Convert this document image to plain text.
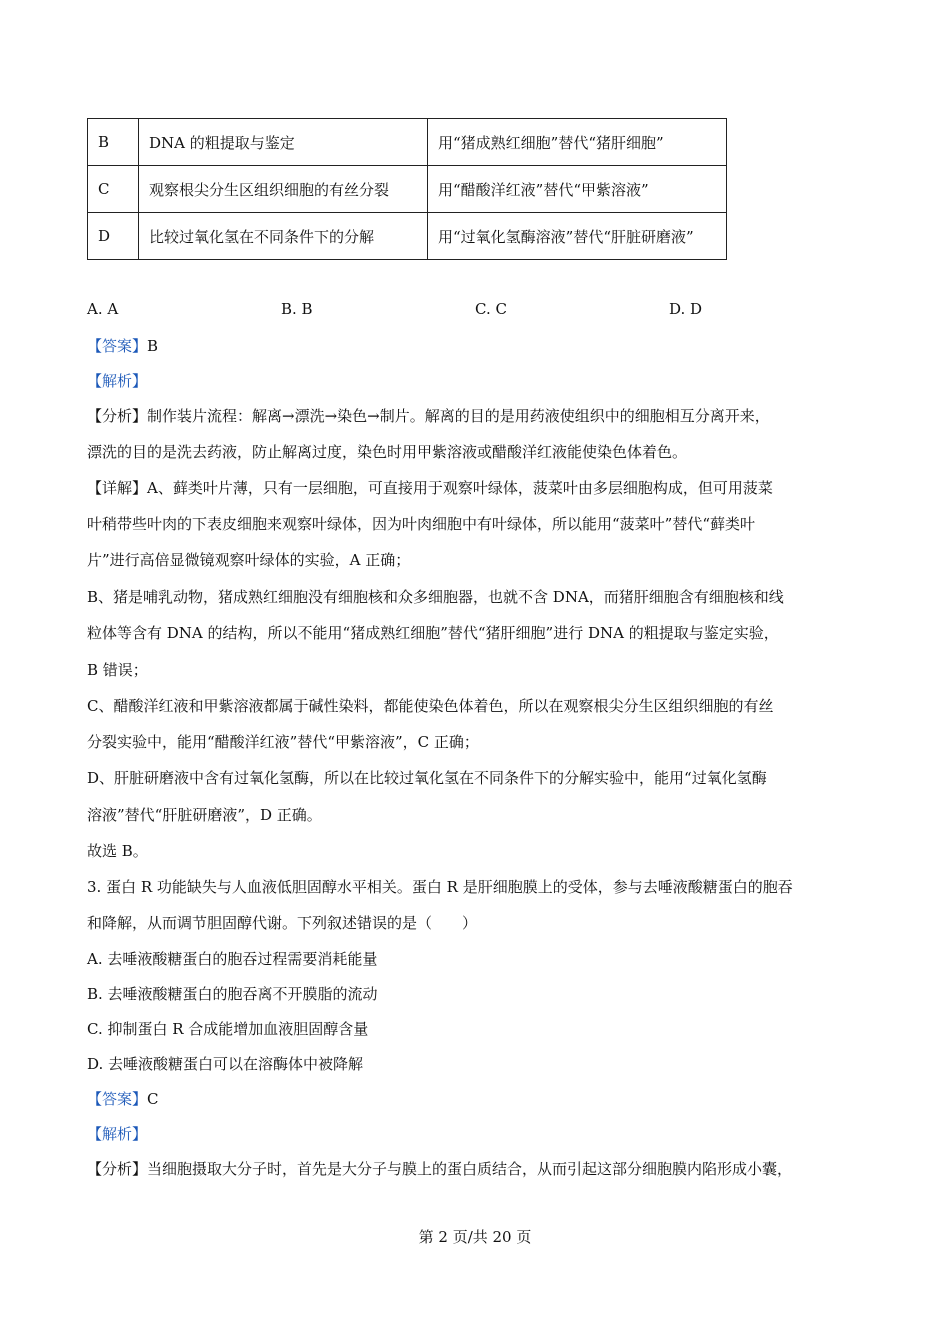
B	DNA 的粗提取与鉴定	用“猪成熟红细胞”替代“猪肝细胞”
C	观察根尖分生区组织细胞的有丝分裂	用“醋酸洋红液”替代“甲紫溶液”
D	比较过氧化氢在不同条件下的分解	用“过氧化氢酶溶液”替代“肝脏研磨液”
A. A	B. B	C. C	D. D
【答案】B
【解析】
【分析】制作装片流程：解离→漂洗→染色→制片。解离的目的是用药液使组织中的细胞相互分离开来，
漂洗的目的是洗去药液，防止解离过度，染色时用甲紫溶液或醋酸洋红液能使染色体着色。
【详解】A、藓类叶片薄，只有一层细胞，可直接用于观察叶绿体，菠菜叶由多层细胞构成，但可用菠菜
叶稍带些叶肉的下表皮细胞来观察叶绿体，因为叶肉细胞中有叶绿体，所以能用“菠菜叶”替代“藓类叶
片”进行高倍显微镜观察叶绿体的实验，A 正确；
B、猪是哺乳动物，猪成熟红细胞没有细胞核和众多细胞器，也就不含 DNA，而猪肝细胞含有细胞核和线
粒体等含有 DNA 的结构，所以不能用“猪成熟红细胞”替代“猪肝细胞”进行 DNA 的粗提取与鉴定实验，
B 错误；
C、醋酸洋红液和甲紫溶液都属于碱性染料，都能使染色体着色，所以在观察根尖分生区组织细胞的有丝
分裂实验中，能用“醋酸洋红液”替代“甲紫溶液”，C 正确；
D、肝脏研磨液中含有过氧化氢酶，所以在比较过氧化氢在不同条件下的分解实验中，能用“过氧化氢酶
溶液”替代“肝脏研磨液”，D 正确。
故选 B。
3. 蛋白 R 功能缺失与人血液低胆固醇水平相关。蛋白 R 是肝细胞膜上的受体，参与去唾液酸糖蛋白的胞吞
和降解，从而调节胆固醇代谢。下列叙述错误的是（　　）
A. 去唾液酸糖蛋白的胞吞过程需要消耗能量
B. 去唾液酸糖蛋白的胞吞离不开膜脂的流动
C. 抑制蛋白 R 合成能增加血液胆固醇含量
D. 去唾液酸糖蛋白可以在溶酶体中被降解
【答案】C
【解析】
【分析】当细胞摄取大分子时，首先是大分子与膜上的蛋白质结合，从而引起这部分细胞膜内陷形成小囊，
第 2 页/共 20 页
